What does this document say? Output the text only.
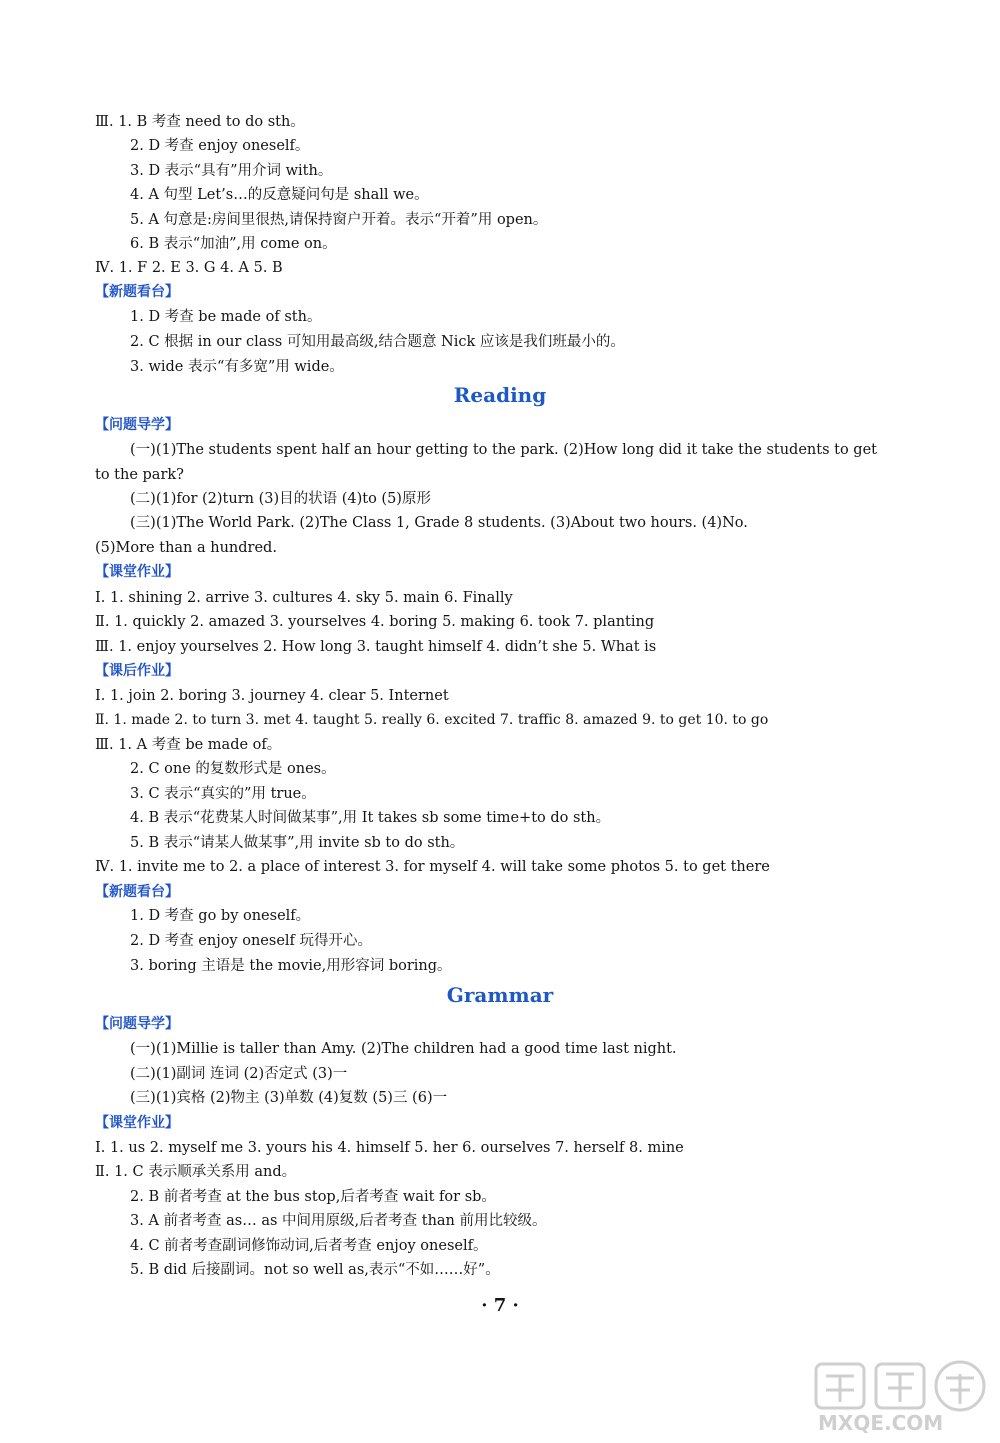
Ⅲ. 1. B 考查 need to do sth。
2. D 考查 enjoy oneself。
3. D 表示“具有”用介词 with。
4. A 句型 Let’s…的反意疑问句是 shall we。
5. A 句意是:房间里很热,请保持窗户开着。表示“开着”用 open。
6. B 表示“加油”,用 come on。
Ⅳ. 1. F 2. E 3. G 4. A 5. B
【新题看台】
1. D 考查 be made of sth。
2. C 根据 in our class 可知用最高级,结合题意 Nick 应该是我们班最小的。
3. wide 表示“有多宽”用 wide。
Reading
【问题导学】
(一)(1)The students spent half an hour getting to the park. (2)How long did it take the students to get
to the park?
(二)(1)for (2)turn (3)目的状语 (4)to (5)原形
(三)(1)The World Park. (2)The Class 1, Grade 8 students. (3)About two hours. (4)No.
(5)More than a hundred.
【课堂作业】
Ⅰ. 1. shining 2. arrive 3. cultures 4. sky 5. main 6. Finally
Ⅱ. 1. quickly 2. amazed 3. yourselves 4. boring 5. making 6. took 7. planting
Ⅲ. 1. enjoy yourselves 2. How long 3. taught himself 4. didn’t she 5. What is
【课后作业】
Ⅰ. 1. join 2. boring 3. journey 4. clear 5. Internet
Ⅱ. 1. made 2. to turn 3. met 4. taught 5. really 6. excited 7. traffic 8. amazed 9. to get 10. to go
Ⅲ. 1. A 考查 be made of。
2. C one 的复数形式是 ones。
3. C 表示“真实的”用 true。
4. B 表示“花费某人时间做某事”,用 It takes sb some time+to do sth。
5. B 表示“请某人做某事”,用 invite sb to do sth。
Ⅳ. 1. invite me to 2. a place of interest 3. for myself 4. will take some photos 5. to get there
【新题看台】
1. D 考查 go by oneself。
2. D 考查 enjoy oneself 玩得开心。
3. boring 主语是 the movie,用形容词 boring。
Grammar
【问题导学】
(一)(1)Millie is taller than Amy. (2)The children had a good time last night.
(二)(1)副词 连词 (2)否定式 (3)一
(三)(1)宾格 (2)物主 (3)单数 (4)复数 (5)三 (6)一
【课堂作业】
Ⅰ. 1. us 2. myself me 3. yours his 4. himself 5. her 6. ourselves 7. herself 8. mine
Ⅱ. 1. C 表示顺承关系用 and。
2. B 前者考查 at the bus stop,后者考查 wait for sb。
3. A 前者考查 as… as 中间用原级,后者考查 than 前用比较级。
4. C 前者考查副词修饰动词,后者考查 enjoy oneself。
5. B did 后接副词。not so well as,表示“不如……好”。
· 7 ·
MXQE.COM
